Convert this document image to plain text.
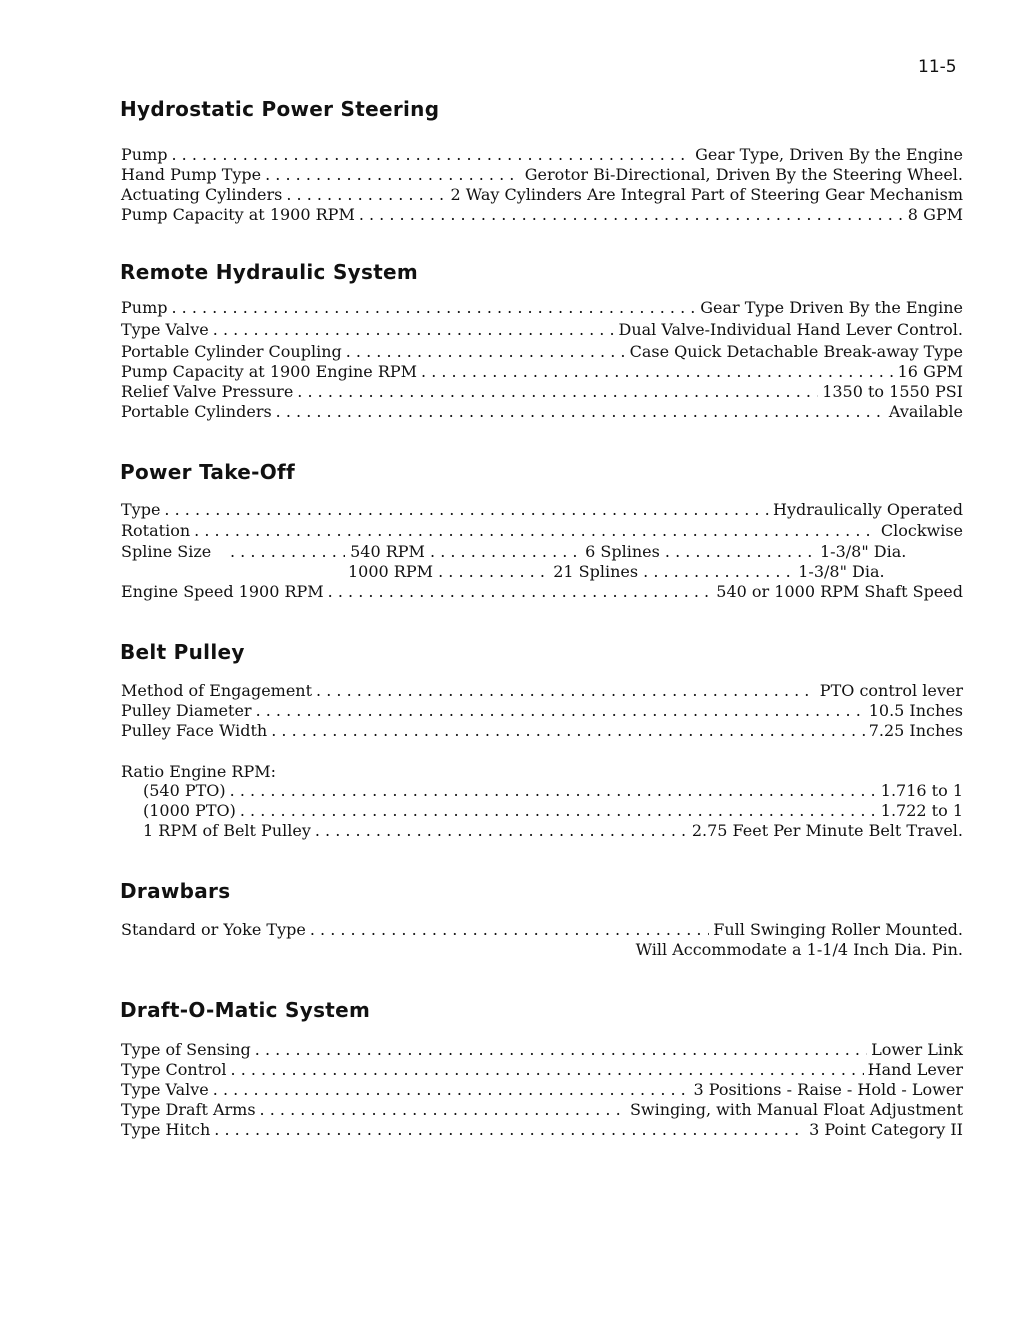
11-5
Hydrostatic Power Steering
Pump . . .	Gear Type, Driven By the Engine
Hand Pump Type . . .	Gerotor Bi-Directional, Driven By the Steering Wheel.
Actuating Cylinders . . .	2 Way Cylinders Are Integral Part of Steering Gear Mechanism
Pump Capacity at 1900 RPM . . .	8 GPM
Remote Hydraulic System
Pump . . .	Gear Type Driven By the Engine
Type Valve . . .	Dual Valve-Individual Hand Lever Control.
Portable Cylinder Coupling . . .	Case Quick Detachable Break-away Type
Pump Capacity at 1900 Engine RPM . . .	16 GPM
Relief Valve Pressure . . .	1350 to 1550 PSI
Portable Cylinders . . .	Available
Power Take-Off
Type . . .	Hydraulically Operated
Rotation . . .	Clockwise
Spline Size . . .	540 RPM . . .	6 Splines . . .	1-3/8" Dia.
1000 RPM . . .	21 Splines . . .	1-3/8" Dia.
Engine Speed 1900 RPM . . .	540 or 1000 RPM Shaft Speed
Belt Pulley
Method of Engagement . . .	PTO control lever
Pulley Diameter . . .	10.5 Inches
Pulley Face Width . . .	7.25 Inches
Ratio Engine RPM:
(540 PTO) . . .	1.716 to 1
(1000 PTO) . . .	1.722 to 1
1 RPM of Belt Pulley . . .	2.75 Feet Per Minute Belt Travel.
Drawbars
Standard or Yoke Type . . .	Full Swinging Roller Mounted.
Will Accommodate a 1-1/4 Inch Dia. Pin.
Draft-O-Matic System
Type of Sensing . . .	Lower Link
Type Control . . .	Hand Lever
Type Valve . . .	3 Positions - Raise - Hold - Lower
Type Draft Arms . . .	Swinging, with Manual Float Adjustment
Type Hitch . . .	3 Point Category II
